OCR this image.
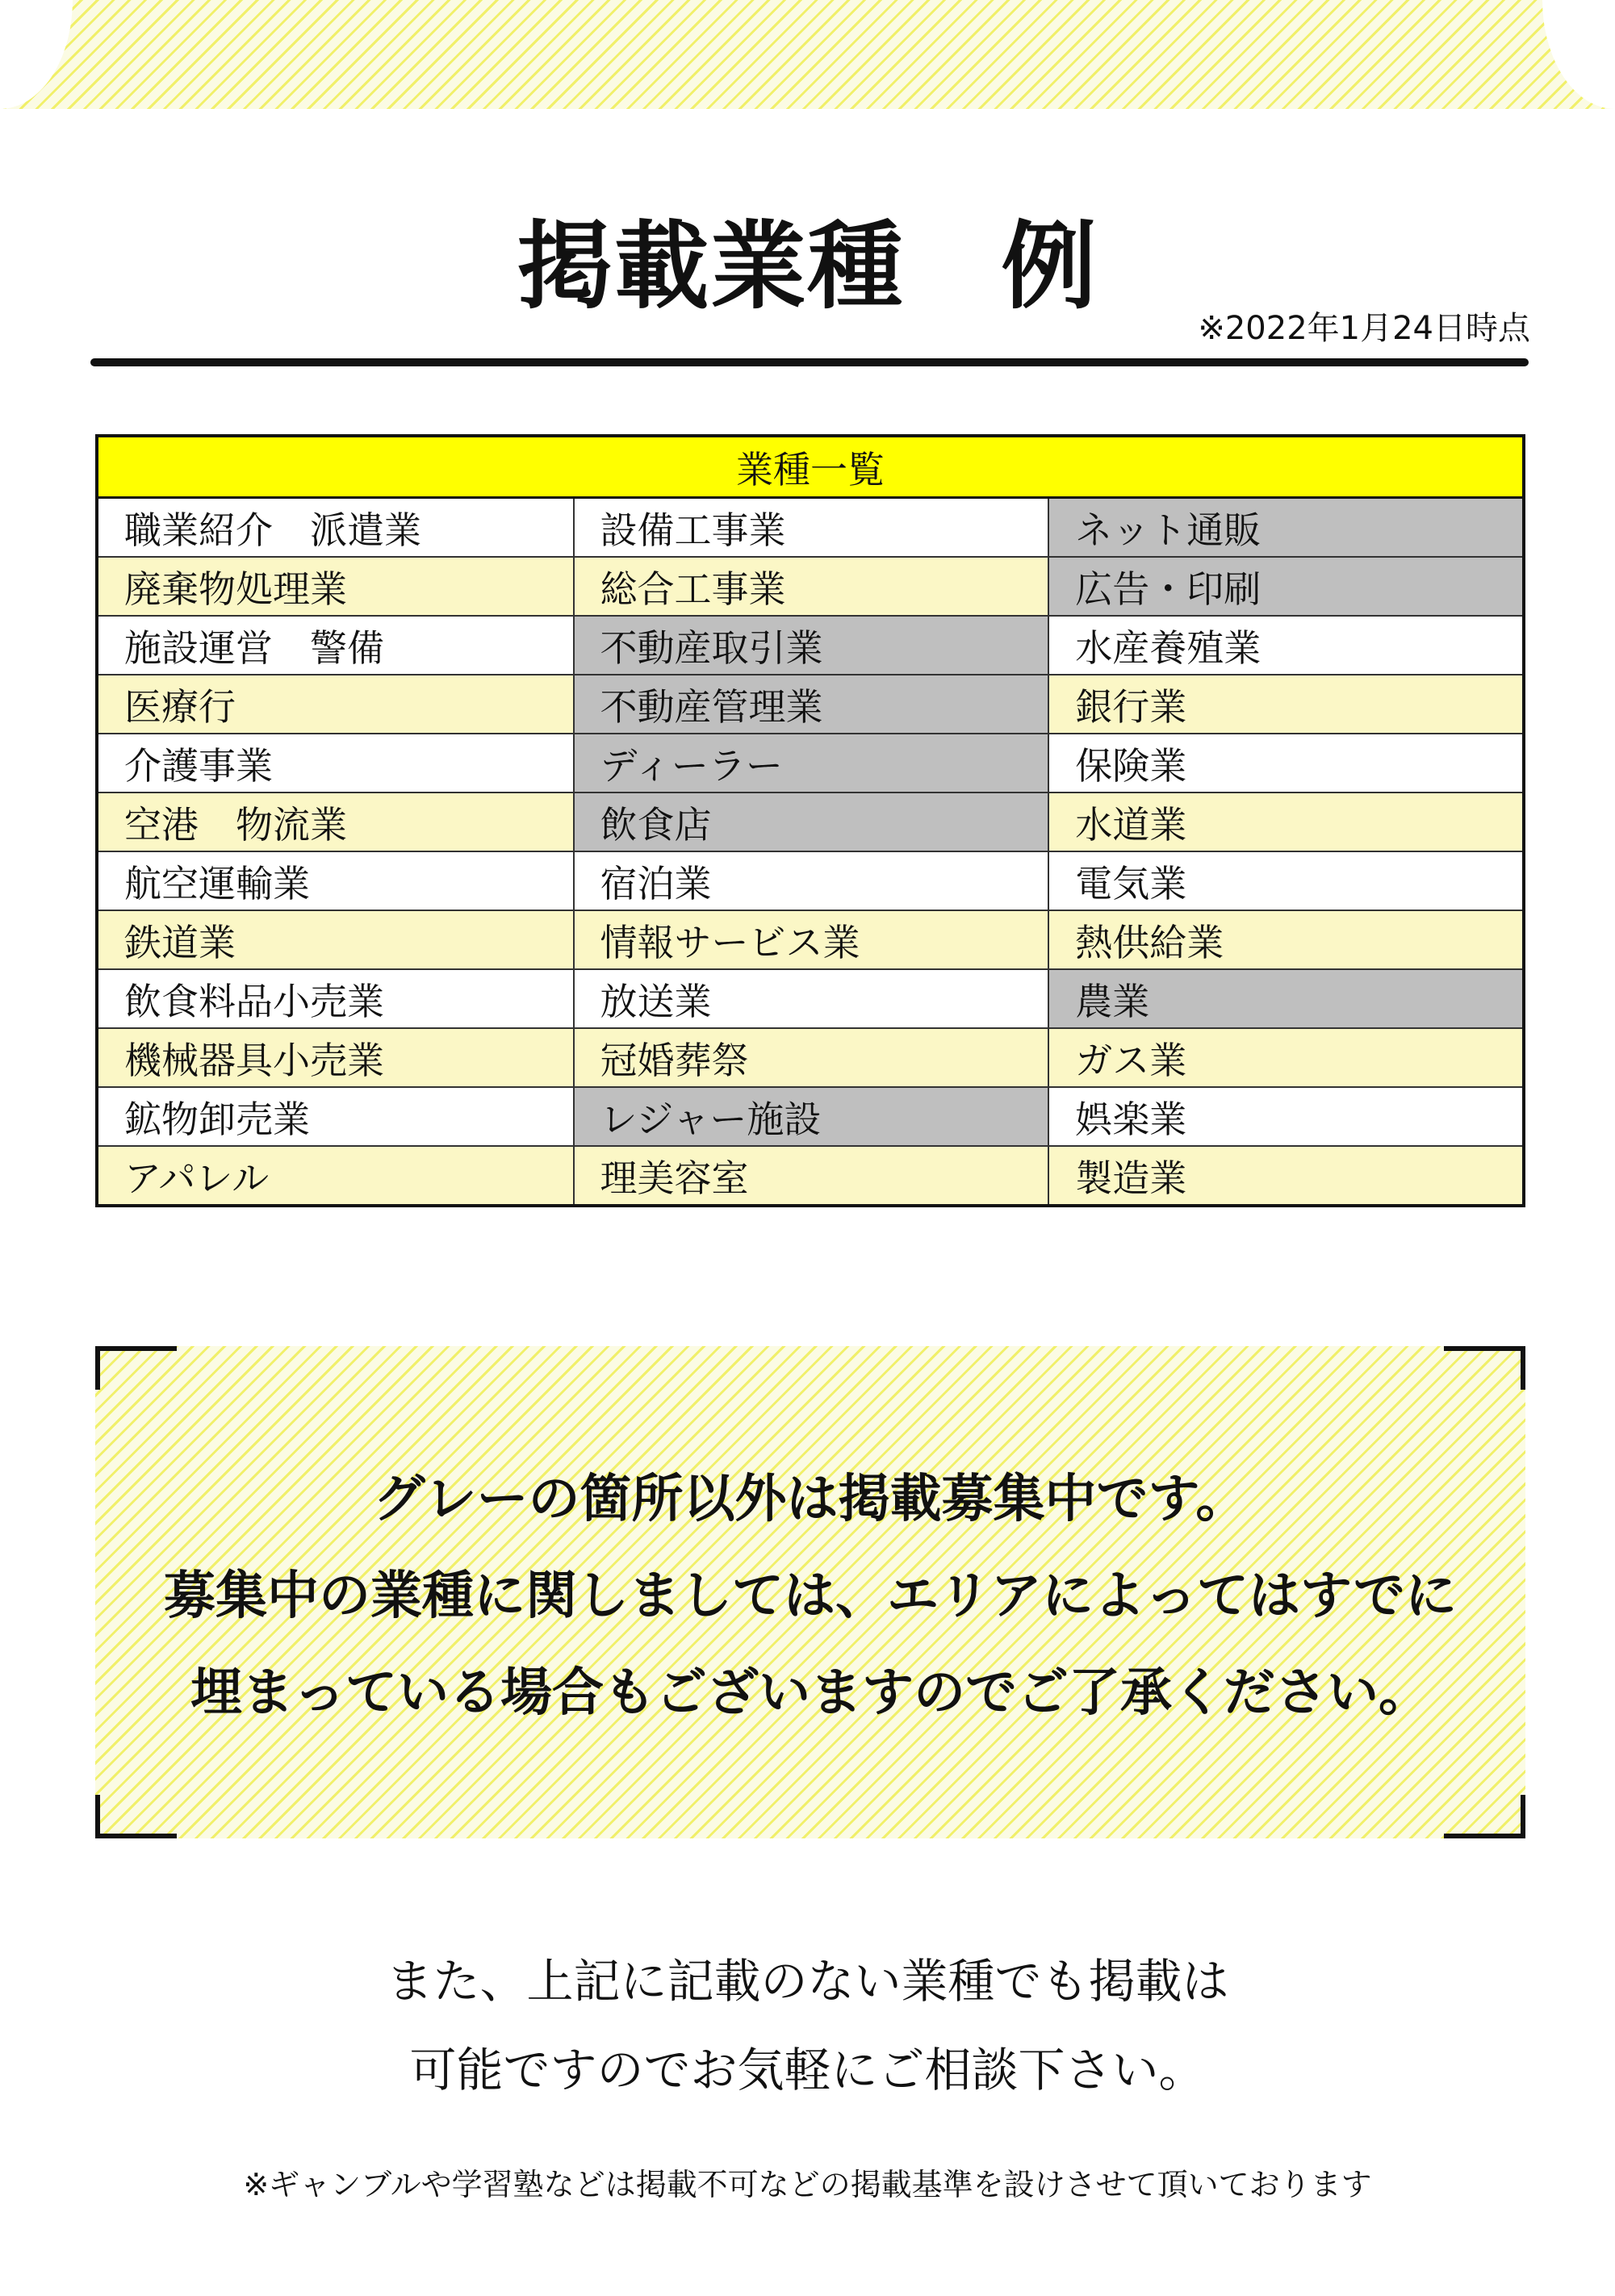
掲載業種　例
※2022年1月24日時点
業種一覧		
職業紹介　派遣業	設備工事業	ネット通販
廃棄物処理業	総合工事業	広告・印刷
施設運営　警備	不動産取引業	水産養殖業
医療行	不動産管理業	銀行業
介護事業	ディーラー	保険業
空港　物流業	飲食店	水道業
航空運輸業	宿泊業	電気業
鉄道業	情報サービス業	熱供給業
飲食料品小売業	放送業	農業
機械器具小売業	冠婚葬祭	ガス業
鉱物卸売業	レジャー施設	娯楽業
アパレル	理美容室	製造業
グレーの箇所以外は掲載募集中です。
募集中の業種に関しましては、エリアによってはすでに
埋まっている場合もございますのでご了承ください。
また、上記に記載のない業種でも掲載は
可能ですのでお気軽にご相談下さい。
※ギャンブルや学習塾などは掲載不可などの掲載基準を設けさせて頂いております
